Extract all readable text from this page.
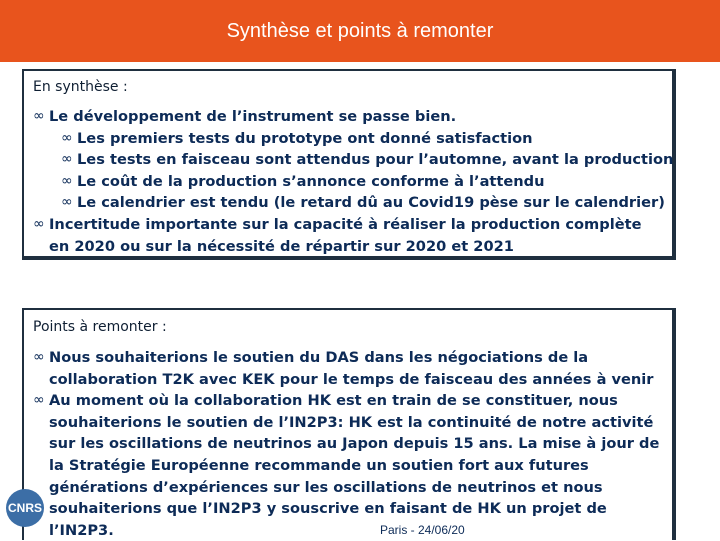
Synthèse et points à remonter
En synthèse :
∞ Le développement de l’instrument se passe bien.
∞ Les premiers tests du prototype ont donné satisfaction
∞ Les tests en faisceau sont attendus pour l’automne, avant la production
∞ Le coût de la production s’annonce conforme à l’attendu
∞ Le calendrier est tendu (le retard dû au Covid19 pèse sur le calendrier)
∞ Incertitude importante sur la capacité à réaliser la production complète en 2020 ou sur la nécessité de répartir sur 2020 et 2021
Points à remonter :
∞ Nous souhaiterions le soutien du DAS dans les négociations de la collaboration T2K avec KEK pour le temps de faisceau des années à venir
∞ Au moment où la collaboration HK est en train de se constituer, nous souhaiterions le soutien de l’IN2P3: HK est la continuité de notre activité sur les oscillations de neutrinos au Japon depuis 15 ans. La mise à jour de la Stratégie Européenne recommande un soutien fort aux futures générations d’expériences sur les oscillations de neutrinos et nous souhaiterions que l’IN2P3 y souscrive en faisant de HK un projet de l’IN2P3.
CNRS
Paris - 24/06/20
